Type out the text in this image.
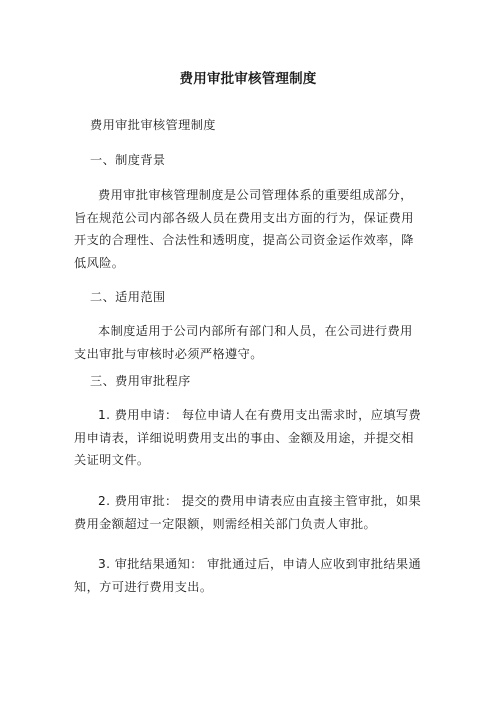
费用审批审核管理制度

费用审批审核管理制度

一、制度背景

费用审批审核管理制度是公司管理体系的重要组成部分，旨在规范公司内部各级人员在费用支出方面的行为，保证费用开支的合理性、合法性和透明度，提高公司资金运作效率，降低风险。

二、适用范围

本制度适用于公司内部所有部门和人员，在公司进行费用支出审批与审核时必须严格遵守。

三、费用审批程序

1. 费用申请： 每位申请人在有费用支出需求时，应填写费用申请表，详细说明费用支出的事由、金额及用途，并提交相关证明文件。

2. 费用审批： 提交的费用申请表应由直接主管审批，如果费用金额超过一定限额，则需经相关部门负责人审批。

3. 审批结果通知： 审批通过后，申请人应收到审批结果通知，方可进行费用支出。
